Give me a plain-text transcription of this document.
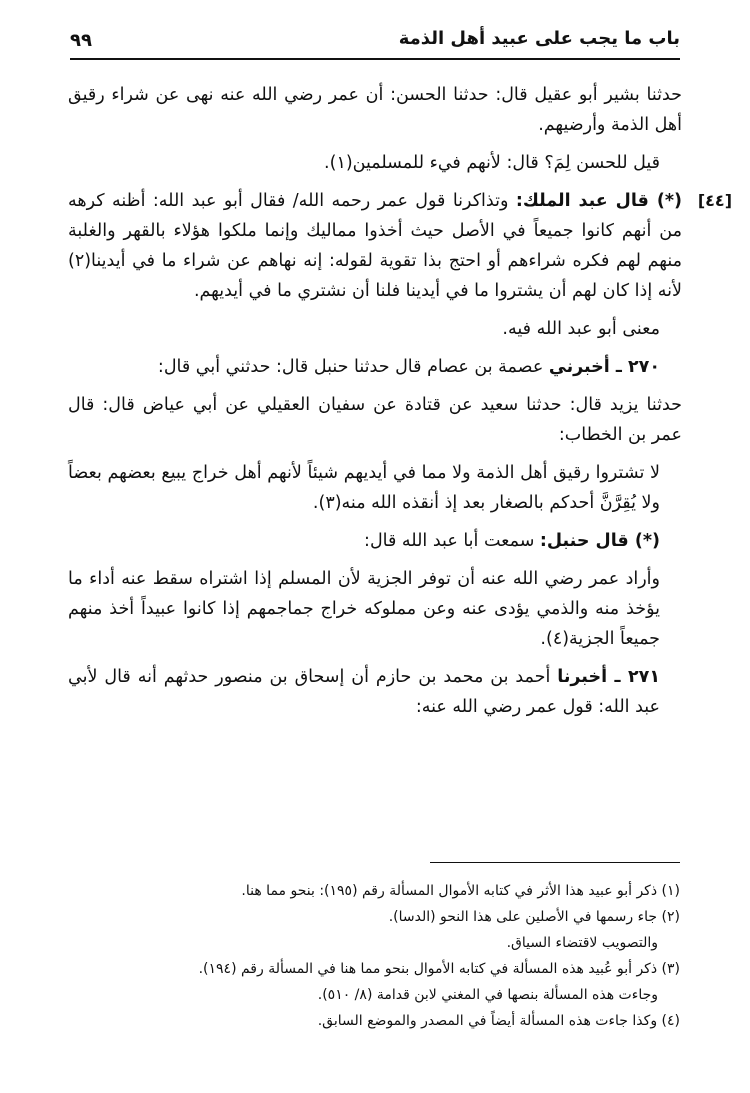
باب ما يجب على عبيد أهل الذمة
٩٩

حدثنا بشير أبو عقيل قال: حدثنا الحسن: أن عمر رضي الله عنه نهى عن شراء رقيق أهل الذمة وأرضيهم.

قيل للحسن لِمَ؟ قال: لأنهم فيء للمسلمين(١).

[٤٤]
(*) قال عبد الملك: وتذاكرنا قول عمر رحمه الله/ فقال أبو عبد الله: أظنه كرهه من أنهم كانوا جميعاً في الأصل حيث أخذوا مماليك وإنما ملكوا هؤلاء بالقهر والغلبة منهم لهم فكره شراءهم أو احتج بذا تقوية لقوله: إنه نهاهم عن شراء ما في أيدينا(٢) لأنه إذا كان لهم أن يشتروا ما في أيدينا فلنا أن نشتري ما في أيديهم.

معنى أبو عبد الله فيه.

٢٧٠ ـ أخبرني عصمة بن عصام قال حدثنا حنبل قال: حدثني أبي قال:

حدثنا يزيد قال: حدثنا سعيد عن قتادة عن سفيان العقيلي عن أبي عياض قال: قال عمر بن الخطاب:

لا تشتروا رقيق أهل الذمة ولا مما في أيديهم شيئاً لأنهم أهل خراج يبيع بعضهم بعضاً ولا يُقِرَّنَّ أحدكم بالصغار بعد إذ أنقذه الله منه(٣).

(*) قال حنبل: سمعت أبا عبد الله قال:

وأراد عمر رضي الله عنه أن توفر الجزية لأن المسلم إذا اشتراه سقط عنه أداء ما يؤخذ منه والذمي يؤدى عنه وعن مملوكه خراج جماجمهم إذا كانوا عبيداً أخذ منهم جميعاً الجزية(٤).

٢٧١ ـ أخبرنا أحمد بن محمد بن حازم أن إسحاق بن منصور حدثهم أنه قال لأبي عبد الله: قول عمر رضي الله عنه:

(١) ذكر أبو عبيد هذا الأثر في كتابه الأموال المسألة رقم (١٩٥): بنحو مما هنا.

(٢) جاء رسمها في الأصلين على هذا النحو (الدسا).

والتصويب لاقتضاء السياق.

(٣) ذكر أبو عُبيد هذه المسألة في كتابه الأموال بنحو مما هنا في المسألة رقم (١٩٤).

وجاءت هذه المسألة بنصها في المغني لابن قدامة (٨/ ٥١٠).

(٤) وكذا جاءت هذه المسألة أيضاً في المصدر والموضع السابق.
